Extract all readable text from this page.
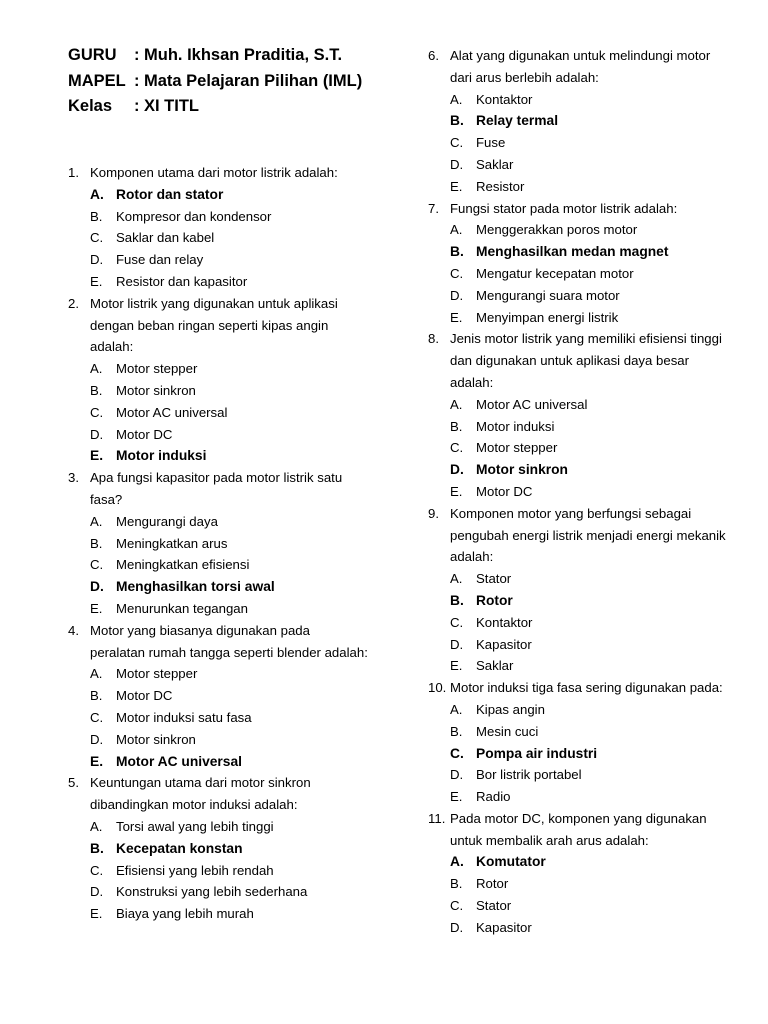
GURU	: Muh. Ikhsan Praditia, S.T.
MAPEL : Mata Pelajaran Pilihan (IML)
Kelas	: XI TITL
1. Komponen utama dari motor listrik adalah:
A. Rotor dan stator
B.	Kompresor dan kondensor
C. Saklar dan kabel
D. Fuse dan relay
E.	Resistor dan kapasitor
2. Motor listrik yang digunakan untuk aplikasi dengan beban ringan seperti kipas angin adalah:
A.	Motor stepper
B.	Motor sinkron
C. Motor AC universal
D. Motor DC
E. Motor induksi
3. Apa fungsi kapasitor pada motor listrik satu fasa?
A.	Mengurangi daya
B.	Meningkatkan arus
C. Meningkatkan efisiensi
D. Menghasilkan torsi awal
E.	Menurunkan tegangan
4. Motor yang biasanya digunakan pada peralatan rumah tangga seperti blender adalah:
A.	Motor stepper
B.	Motor DC
C. Motor induksi satu fasa
D. Motor sinkron
E. Motor AC universal
5. Keuntungan utama dari motor sinkron dibandingkan motor induksi adalah:
A.	Torsi awal yang lebih tinggi
B. Kecepatan konstan
C. Efisiensi yang lebih rendah
D. Konstruksi yang lebih sederhana
E.	Biaya yang lebih murah
6. Alat yang digunakan untuk melindungi motor dari arus berlebih adalah:
A.	Kontaktor
B. Relay termal
C. Fuse
D. Saklar
E.	Resistor
7. Fungsi stator pada motor listrik adalah:
A.	Menggerakkan poros motor
B. Menghasilkan medan magnet
C. Mengatur kecepatan motor
D. Mengurangi suara motor
E.	Menyimpan energi listrik
8. Jenis motor listrik yang memiliki efisiensi tinggi dan digunakan untuk aplikasi daya besar adalah:
A.	Motor AC universal
B.	Motor induksi
C. Motor stepper
D. Motor sinkron
E.	Motor DC
9. Komponen motor yang berfungsi sebagai pengubah energi listrik menjadi energi mekanik adalah:
A.	Stator
B. Rotor
C. Kontaktor
D. Kapasitor
E.	Saklar
10. Motor induksi tiga fasa sering digunakan pada:
A.	Kipas angin
B.	Mesin cuci
C. Pompa air industri
D. Bor listrik portabel
E.	Radio
11. Pada motor DC, komponen yang digunakan untuk membalik arah arus adalah:
A. Komutator
B.	Rotor
C. Stator
D. Kapasitor
